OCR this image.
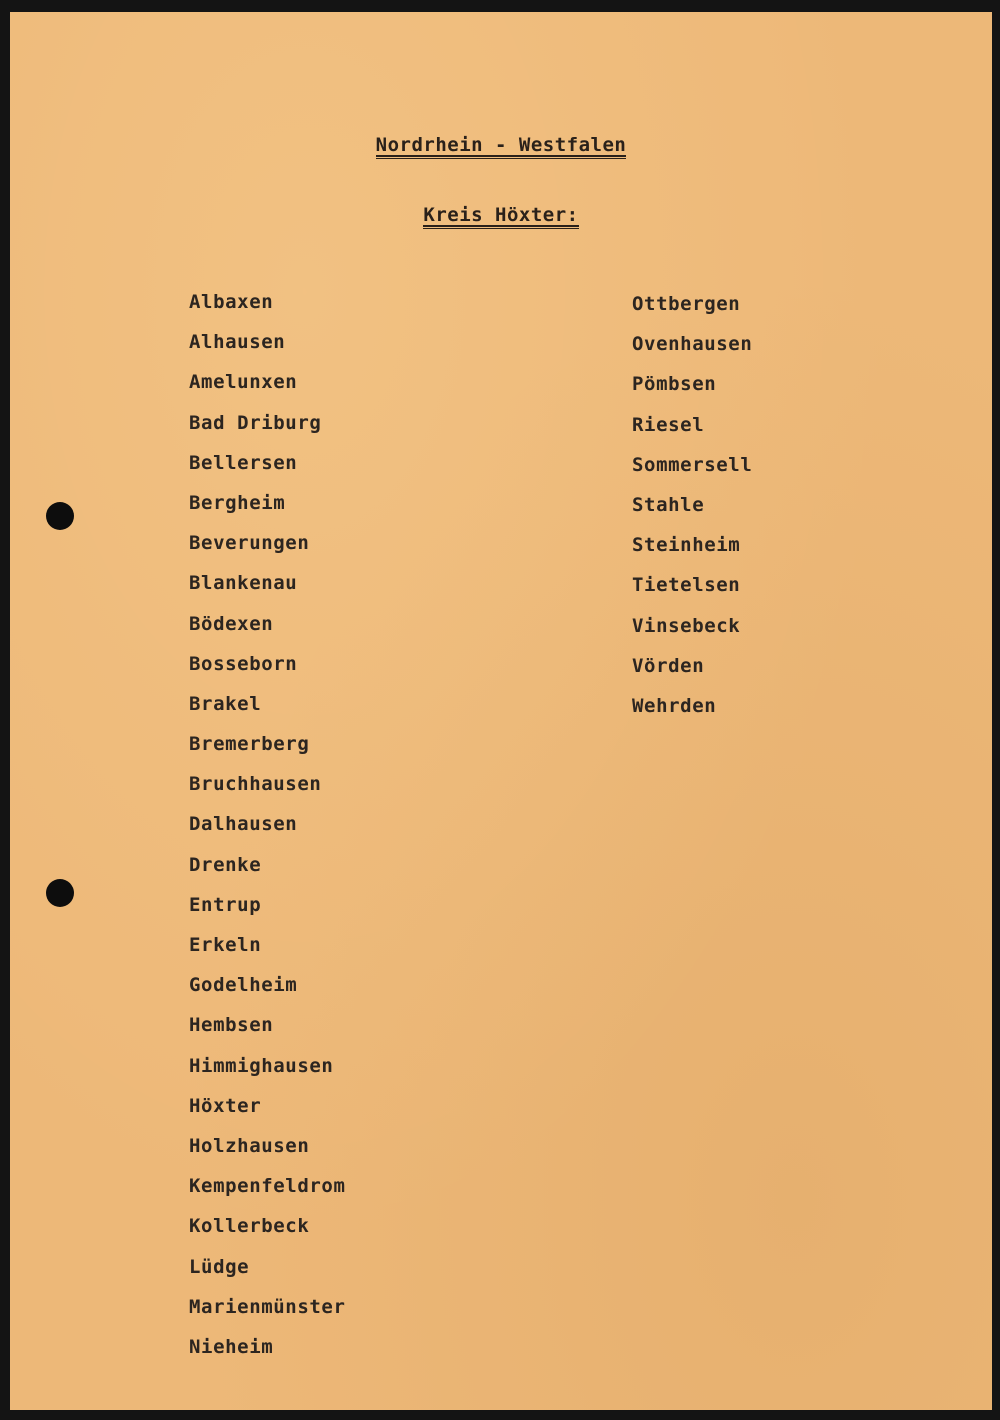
Nordrhein - Westfalen
Kreis Höxter:
Albaxen
Alhausen
Amelunxen
Bad Driburg
Bellersen
Bergheim
Beverungen
Blankenau
Bödexen
Bosseborn
Brakel
Bremerberg
Bruchhausen
Dalhausen
Drenke
Entrup
Erkeln
Godelheim
Hembsen
Himmighausen
Höxter
Holzhausen
Kempenfeldrom
Kollerbeck
Lüdge
Marienmünster
Nieheim
Ottbergen
Ovenhausen
Pömbsen
Riesel
Sommersell
Stahle
Steinheim
Tietelsen
Vinsebeck
Vörden
Wehrden
